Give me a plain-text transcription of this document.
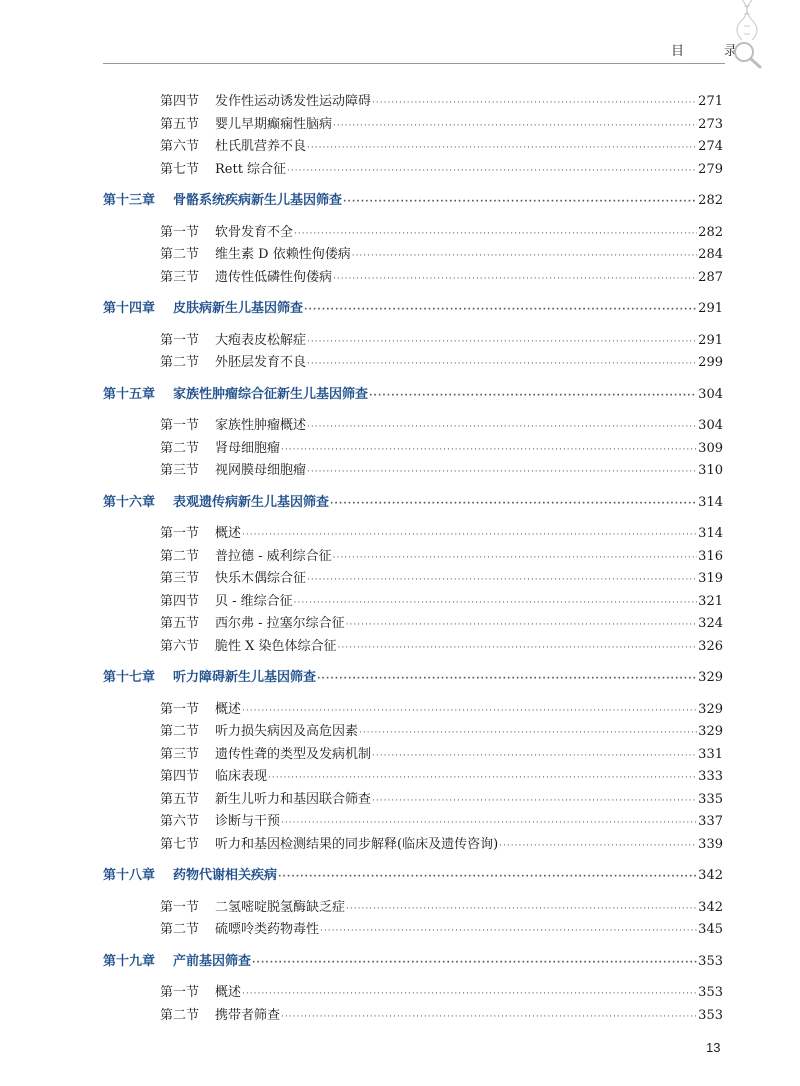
目 录
第四节 发作性运动诱发性运动障碍 ·····	271
第五节 婴儿早期癫痫性脑病 ·····	273
第六节 杜氏肌营养不良 ·····	274
第七节 Rett 综合征 ·····	279
第十三章 骨骼系统疾病新生儿基因筛查 ·····	282
第一节 软骨发育不全 ·····	282
第二节 维生素 D 依赖性佝偻病 ·····	284
第三节 遗传性低磷性佝偻病 ·····	287
第十四章 皮肤病新生儿基因筛查 ·····	291
第一节 大疱表皮松解症 ·····	291
第二节 外胚层发育不良 ·····	299
第十五章 家族性肿瘤综合征新生儿基因筛查 ·····	304
第一节 家族性肿瘤概述 ·····	304
第二节 肾母细胞瘤 ·····	309
第三节 视网膜母细胞瘤 ·····	310
第十六章 表观遗传病新生儿基因筛查 ·····	314
第一节 概述 ·····	314
第二节 普拉德 - 威利综合征 ·····	316
第三节 快乐木偶综合征 ·····	319
第四节 贝 - 维综合征 ·····	321
第五节 西尔弗 - 拉塞尔综合征 ·····	324
第六节 脆性 X 染色体综合征 ·····	326
第十七章 听力障碍新生儿基因筛查 ·····	329
第一节 概述 ·····	329
第二节 听力损失病因及高危因素 ·····	329
第三节 遗传性聋的类型及发病机制 ·····	331
第四节 临床表现 ·····	333
第五节 新生儿听力和基因联合筛查 ·····	335
第六节 诊断与干预 ·····	337
第七节 听力和基因检测结果的同步解释(临床及遗传咨询) ·····	339
第十八章 药物代谢相关疾病 ·····	342
第一节 二氢嘧啶脱氢酶缺乏症 ·····	342
第二节 硫嘌呤类药物毒性 ·····	345
第十九章 产前基因筛查 ·····	353
第一节 概述 ·····	353
第二节 携带者筛查 ·····	353
13
